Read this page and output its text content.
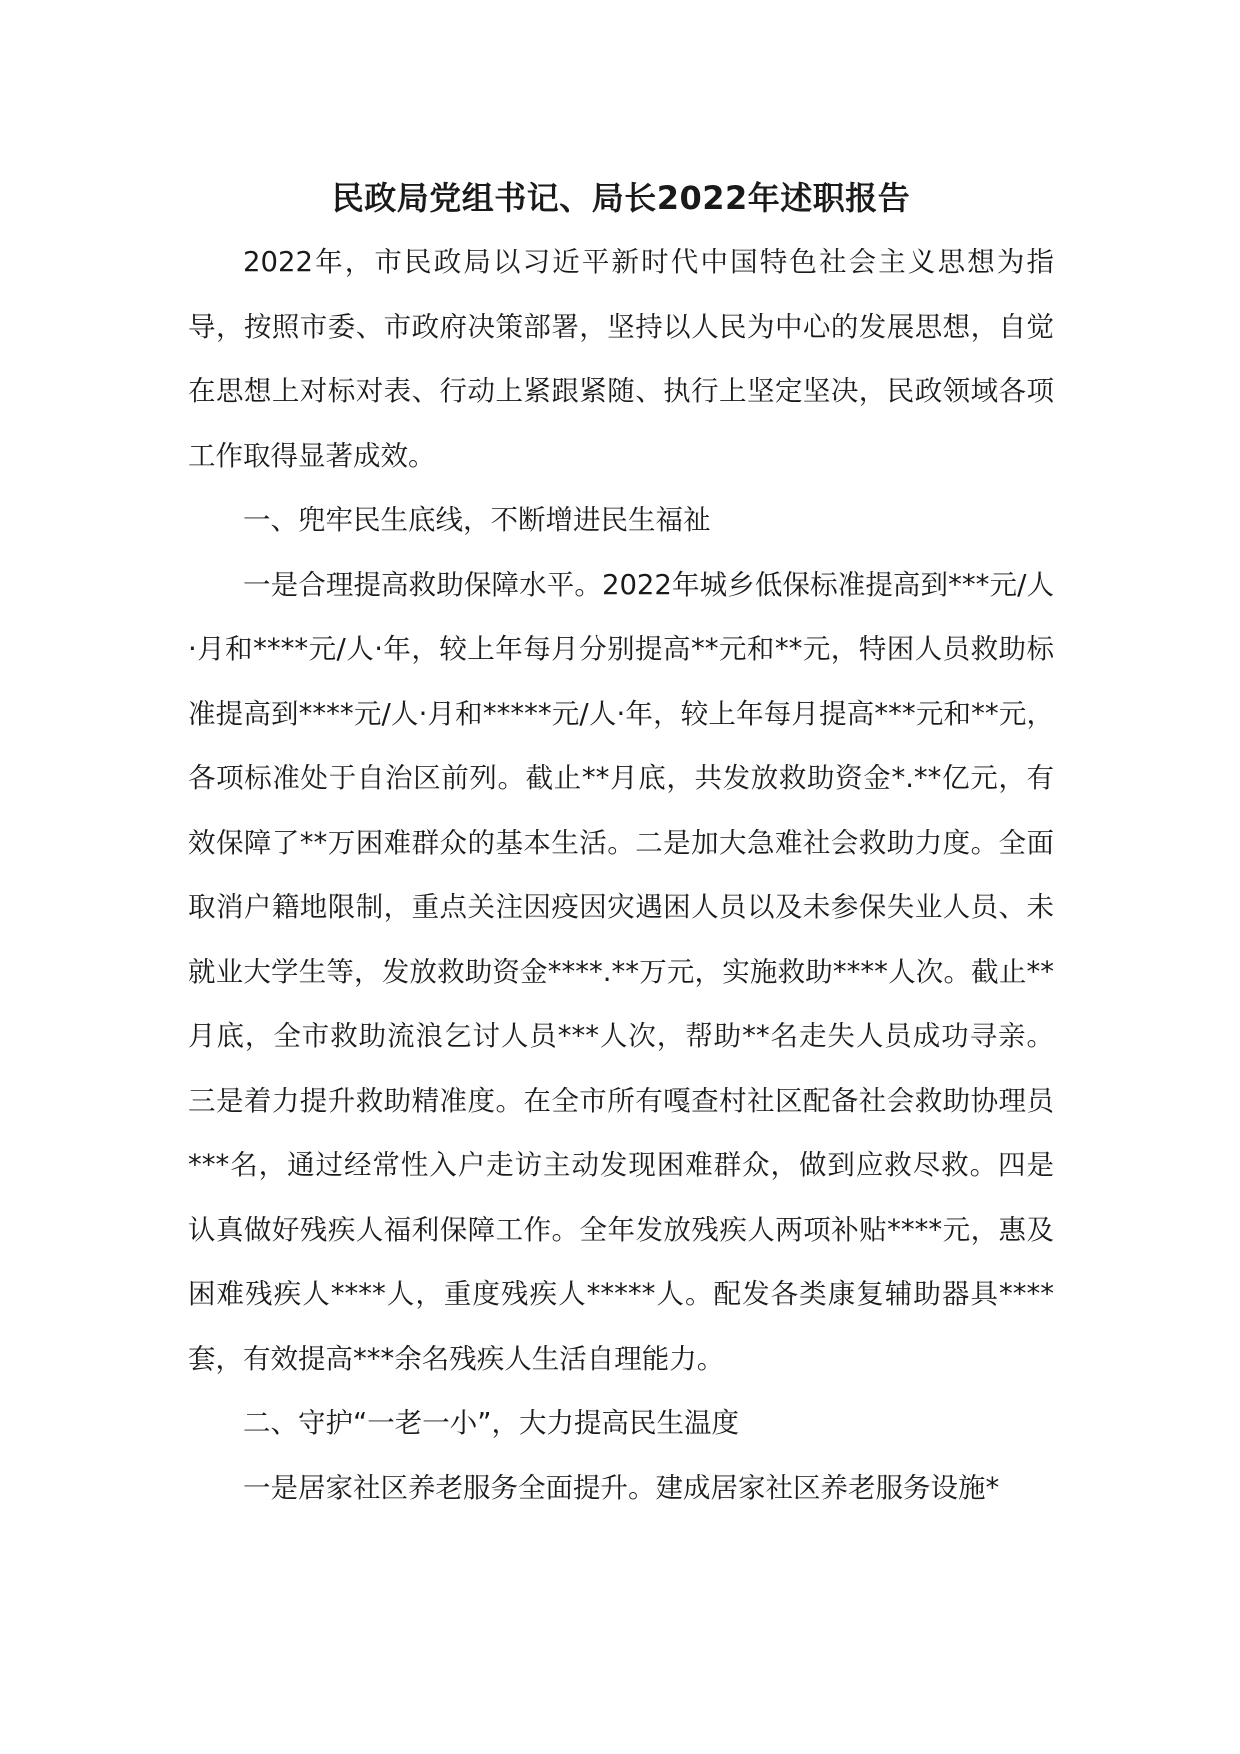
民政局党组书记、局长2022年述职报告

2022年，市民政局以习近平新时代中国特色社会主义思想为指导，按照市委、市政府决策部署，坚持以人民为中心的发展思想，自觉在思想上对标对表、行动上紧跟紧随、执行上坚定坚决，民政领域各项工作取得显著成效。

一、兜牢民生底线，不断增进民生福祉

一是合理提高救助保障水平。2022年城乡低保标准提高到***元/人·月和****元/人·年，较上年每月分别提高**元和**元，特困人员救助标准提高到****元/人·月和*****元/人·年，较上年每月提高***元和**元，各项标准处于自治区前列。截止**月底，共发放救助资金*.**亿元，有效保障了**万困难群众的基本生活。二是加大急难社会救助力度。全面取消户籍地限制，重点关注因疫因灾遇困人员以及未参保失业人员、未就业大学生等，发放救助资金****.**万元，实施救助****人次。截止**月底，全市救助流浪乞讨人员***人次，帮助**名走失人员成功寻亲。三是着力提升救助精准度。在全市所有嘎查村社区配备社会救助协理员***名，通过经常性入户走访主动发现困难群众，做到应救尽救。四是认真做好残疾人福利保障工作。全年发放残疾人两项补贴****元，惠及困难残疾人****人，重度残疾人*****人。配发各类康复辅助器具****套，有效提高***余名残疾人生活自理能力。

二、守护“一老一小”，大力提高民生温度

一是居家社区养老服务全面提升。建成居家社区养老服务设施*
